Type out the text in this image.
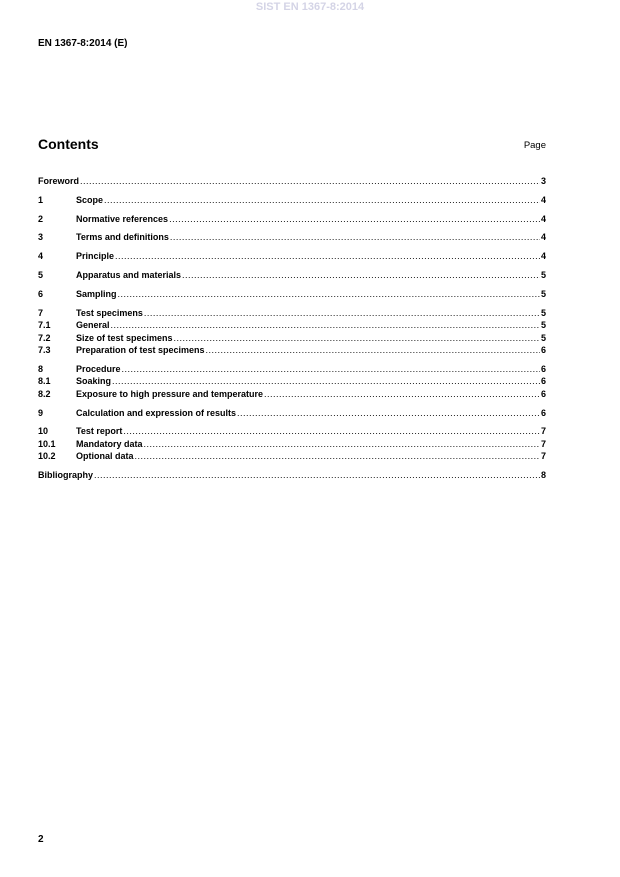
SIST EN 1367-8:2014
EN 1367-8:2014 (E)
Contents	Page
Foreword .....	3
1	Scope .....	4
2	Normative references .....	4
3	Terms and definitions .....	4
4	Principle .....	4
5	Apparatus and materials .....	5
6	Sampling .....	5
7	Test specimens .....	5
7.1	General .....	5
7.2	Size of test specimens .....	5
7.3	Preparation of test specimens .....	6
8	Procedure .....	6
8.1	Soaking .....	6
8.2	Exposure to high pressure and temperature .....	6
9	Calculation and expression of results .....	6
10	Test report .....	7
10.1	Mandatory data .....	7
10.2	Optional data .....	7
Bibliography .....	8
2
